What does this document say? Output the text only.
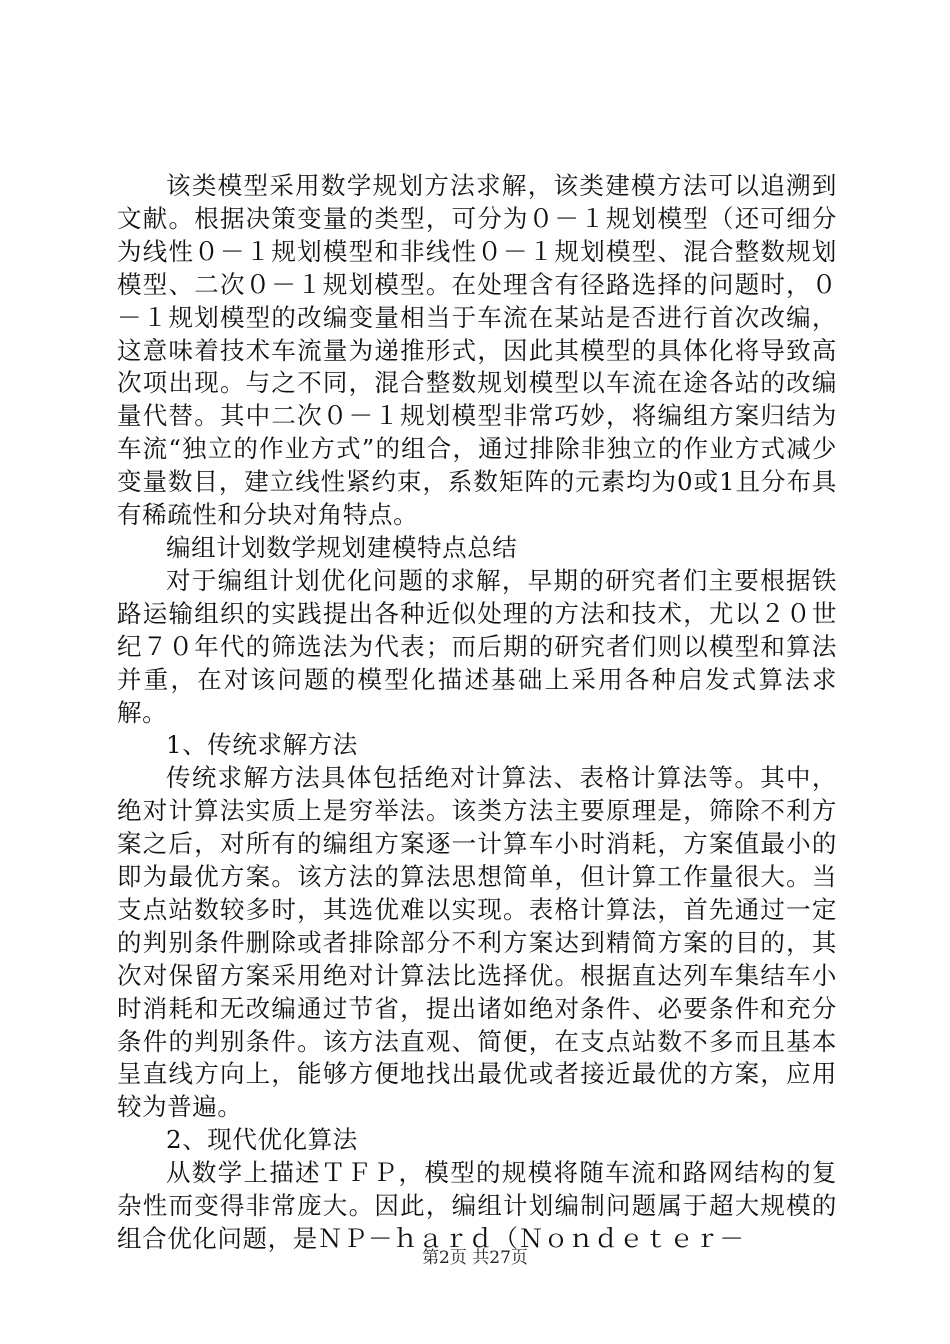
该类模型采用数学规划方法求解，该类建模方法可以追溯到文献。根据决策变量的类型，可分为０－１规划模型（还可细分为线性０－１规划模型和非线性０－１规划模型、混合整数规划模型、二次０－１规划模型。在处理含有径路选择的问题时，０－１规划模型的改编变量相当于车流在某站是否进行首次改编，这意味着技术车流量为递推形式，因此其模型的具体化将导致高次项出现。与之不同，混合整数规划模型以车流在途各站的改编量代替。其中二次０－１规划模型非常巧妙，将编组方案归结为车流“独立的作业方式”的组合，通过排除非独立的作业方式减少变量数目，建立线性紧约束，系数矩阵的元素均为0或1且分布具有稀疏性和分块对角特点。

编组计划数学规划建模特点总结

对于编组计划优化问题的求解，早期的研究者们主要根据铁路运输组织的实践提出各种近似处理的方法和技术，尤以２０世纪７０年代的筛选法为代表；而后期的研究者们则以模型和算法并重，在对该问题的模型化描述基础上采用各种启发式算法求解。

1、传统求解方法

传统求解方法具体包括绝对计算法、表格计算法等。其中，绝对计算法实质上是穷举法。该类方法主要原理是，筛除不利方案之后，对所有的编组方案逐一计算车小时消耗，方案值最小的即为最优方案。该方法的算法思想简单，但计算工作量很大。当支点站数较多时，其选优难以实现。表格计算法，首先通过一定的判别条件删除或者排除部分不利方案达到精简方案的目的，其次对保留方案采用绝对计算法比选择优。根据直达列车集结车小时消耗和无改编通过节省，提出诸如绝对条件、必要条件和充分条件的判别条件。该方法直观、简便，在支点站数不多而且基本呈直线方向上，能够方便地找出最优或者接近最优的方案，应用较为普遍。

2、现代优化算法

从数学上描述ＴＦＰ，模型的规模将随车流和路网结构的复杂性而变得非常庞大。因此，编组计划编制问题属于超大规模的组合优化问题，是ＮＰ－ｈａｒｄ（Ｎｏｎｄｅｔｅｒ－

第2页 共27页
